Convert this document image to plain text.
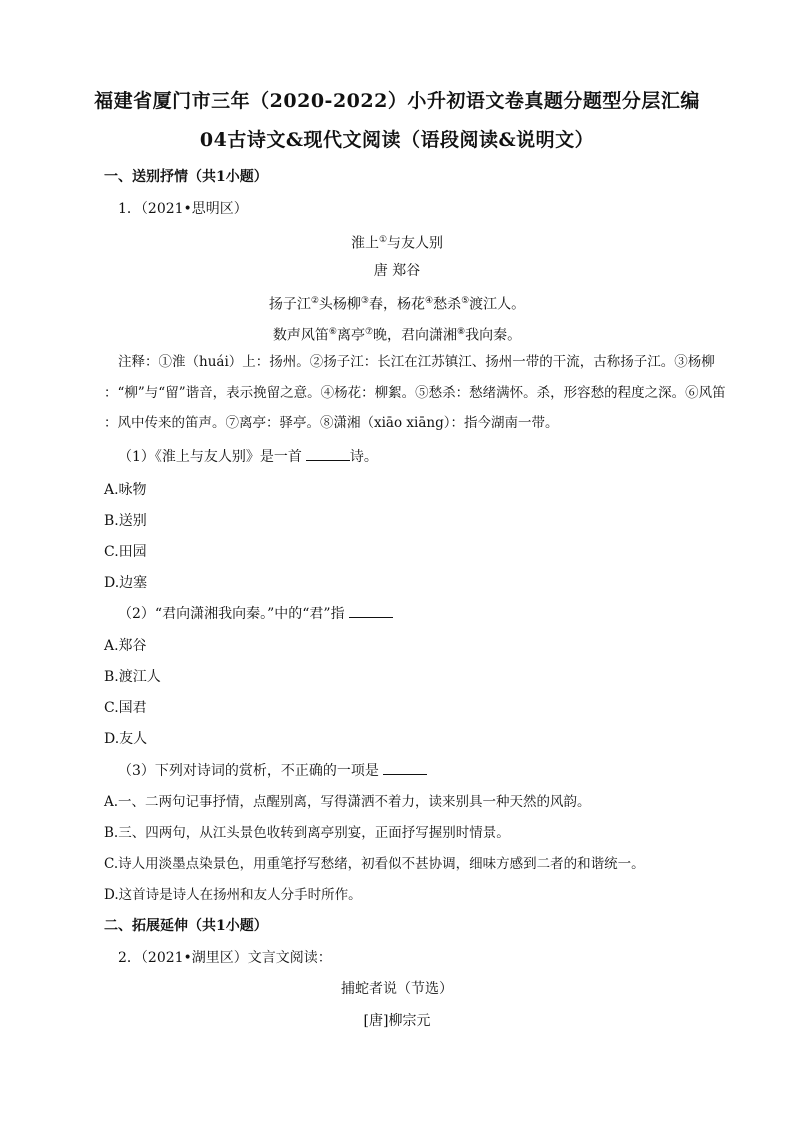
福建省厦门市三年（2020-2022）小升初语文卷真题分题型分层汇编
04古诗文&现代文阅读（语段阅读&说明文）
一、送别抒情（共1小题）
1．（2021•思明区）
淮上①与友人别
唐 郑谷
扬子江②头杨柳③春，杨花④愁杀⑤渡江人。
数声风笛⑥离亭⑦晚，君向潇湘⑧我向秦。
注释：①淮（huái）上：扬州。②扬子江：长江在江苏镇江、扬州一带的干流，古称扬子江。③杨柳
：“柳”与“留”谐音，表示挽留之意。④杨花：柳絮。⑤愁杀：愁绪满怀。杀，形容愁的程度之深。⑥风笛
：风中传来的笛声。⑦离亭：驿亭。⑧潇湘（xiāo xiāng）：指今湖南一带。
（1）《淮上与友人别》是一首	诗。
A.咏物
B.送别
C.田园
D.边塞
（2）“君向潇湘我向秦。”中的“君”指
A.郑谷
B.渡江人
C.国君
D.友人
（3）下列对诗词的赏析，不正确的一项是
A.一、二两句记事抒情，点醒别离，写得潇洒不着力，读来别具一种天然的风韵。
B.三、四两句，从江头景色收转到离亭别宴，正面抒写握别时情景。
C.诗人用淡墨点染景色，用重笔抒写愁绪，初看似不甚协调，细味方感到二者的和谐统一。
D.这首诗是诗人在扬州和友人分手时所作。
二、拓展延伸（共1小题）
2．（2021•湖里区）文言文阅读：
捕蛇者说（节选）
[唐]柳宗元
